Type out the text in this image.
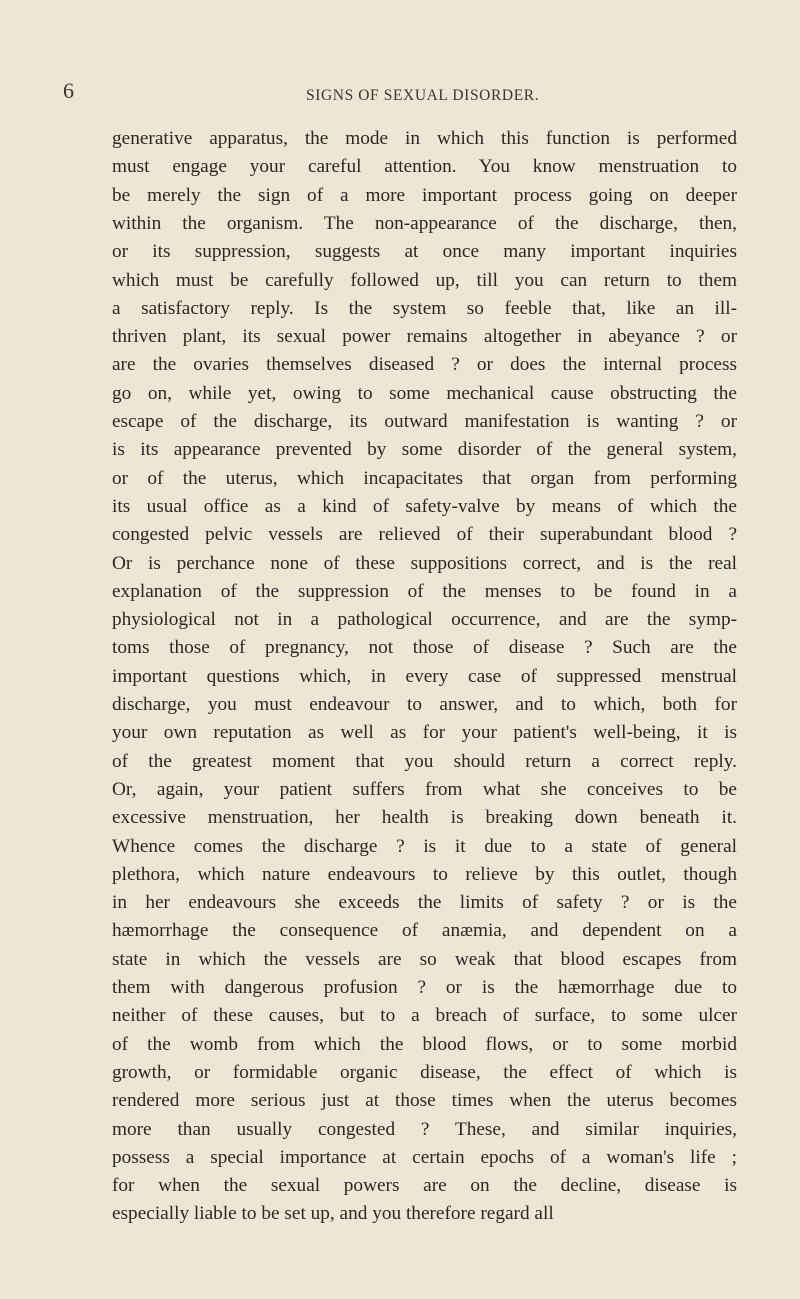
6	SIGNS OF SEXUAL DISORDER.
generative apparatus, the mode in which this function is performed
must engage your careful attention. You know menstruation to
be merely the sign of a more important process going on deeper
within the organism. The non-appearance of the discharge, then,
or its suppression, suggests at once many important inquiries
which must be carefully followed up, till you can return to them
a satisfactory reply. Is the system so feeble that, like an ill-
thriven plant, its sexual power remains altogether in abeyance ? or
are the ovaries themselves diseased ? or does the internal process
go on, while yet, owing to some mechanical cause obstructing the
escape of the discharge, its outward manifestation is wanting ? or
is its appearance prevented by some disorder of the general system,
or of the uterus, which incapacitates that organ from performing
its usual office as a kind of safety-valve by means of which the
congested pelvic vessels are relieved of their superabundant blood ?
Or is perchance none of these suppositions correct, and is the real
explanation of the suppression of the menses to be found in a
physiological not in a pathological occurrence, and are the symp-
toms those of pregnancy, not those of disease ? Such are the
important questions which, in every case of suppressed menstrual
discharge, you must endeavour to answer, and to which, both for
your own reputation as well as for your patient's well-being, it is
of the greatest moment that you should return a correct reply.
Or, again, your patient suffers from what she conceives to be
excessive menstruation, her health is breaking down beneath it.
Whence comes the discharge ? is it due to a state of general
plethora, which nature endeavours to relieve by this outlet, though
in her endeavours she exceeds the limits of safety ? or is the
hæmorrhage the consequence of anæmia, and dependent on a
state in which the vessels are so weak that blood escapes from
them with dangerous profusion ? or is the hæmorrhage due to
neither of these causes, but to a breach of surface, to some ulcer
of the womb from which the blood flows, or to some morbid
growth, or formidable organic disease, the effect of which is
rendered more serious just at those times when the uterus becomes
more than usually congested ? These, and similar inquiries,
possess a special importance at certain epochs of a woman's life ;
for when the sexual powers are on the decline, disease is
especially liable to be set up, and you therefore regard all
